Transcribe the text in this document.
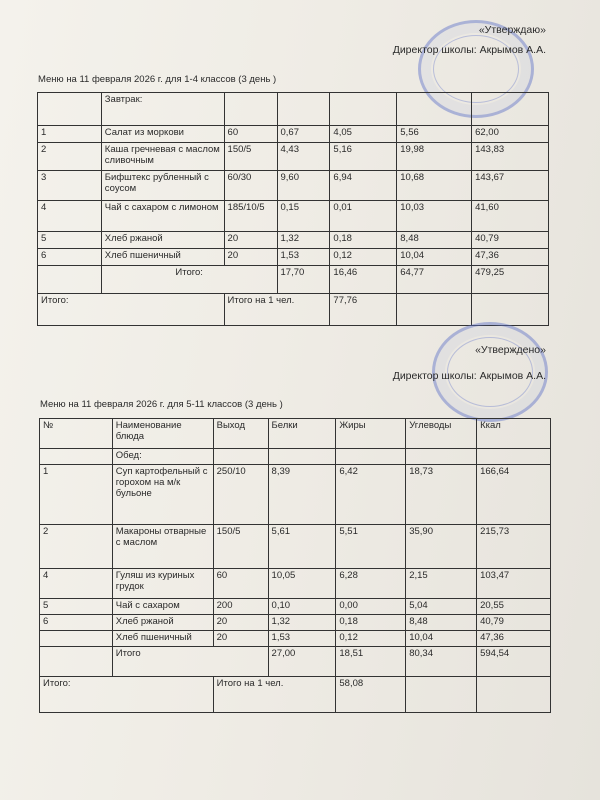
«Утверждаю»
Директор школы: Акрымов А.А.
Меню на 11 февраля 2026 г. для 1-4 классов (3 день )
	Завтрак:					
1	Салат из моркови	60	0,67	4,05	5,56	62,00
2	Каша гречневая с маслом сливочным	150/5	4,43	5,16	19,98	143,83
3	Бифштекс рубленный с соусом	60/30	9,60	6,94	10,68	143,67
4	Чай с сахаром с лимоном	185/10/5	0,15	0,01	10,03	41,60
5	Хлеб ржаной	20	1,32	0,18	8,48	40,79
6	Хлеб пшеничный	20	1,53	0,12	10,04	47,36
	Итого:		17,70	16,46	64,77	479,25
Итого:		Итого на 1 чел.		77,76		
«Утверждено»
Директор школы: Акрымов А.А.
Меню на 11 февраля 2026 г. для 5-11 классов (3 день )
№	Наименование блюда	Выход	Белки	Жиры	Углеводы	Ккал
	Обед:					
1	Суп картофельный с горохом на м/к бульоне	250/10	8,39	6,42	18,73	166,64
2	Макароны отварные с маслом	150/5	5,61	5,51	35,90	215,73
4	Гуляш из куриных грудок	60	10,05	6,28	2,15	103,47
5	Чай с сахаром	200	0,10	0,00	5,04	20,55
6	Хлеб ржаной	20	1,32	0,18	8,48	40,79
	Хлеб пшеничный	20	1,53	0,12	10,04	47,36
	Итого		27,00	18,51	80,34	594,54
Итого:		Итого на 1 чел.		58,08		
